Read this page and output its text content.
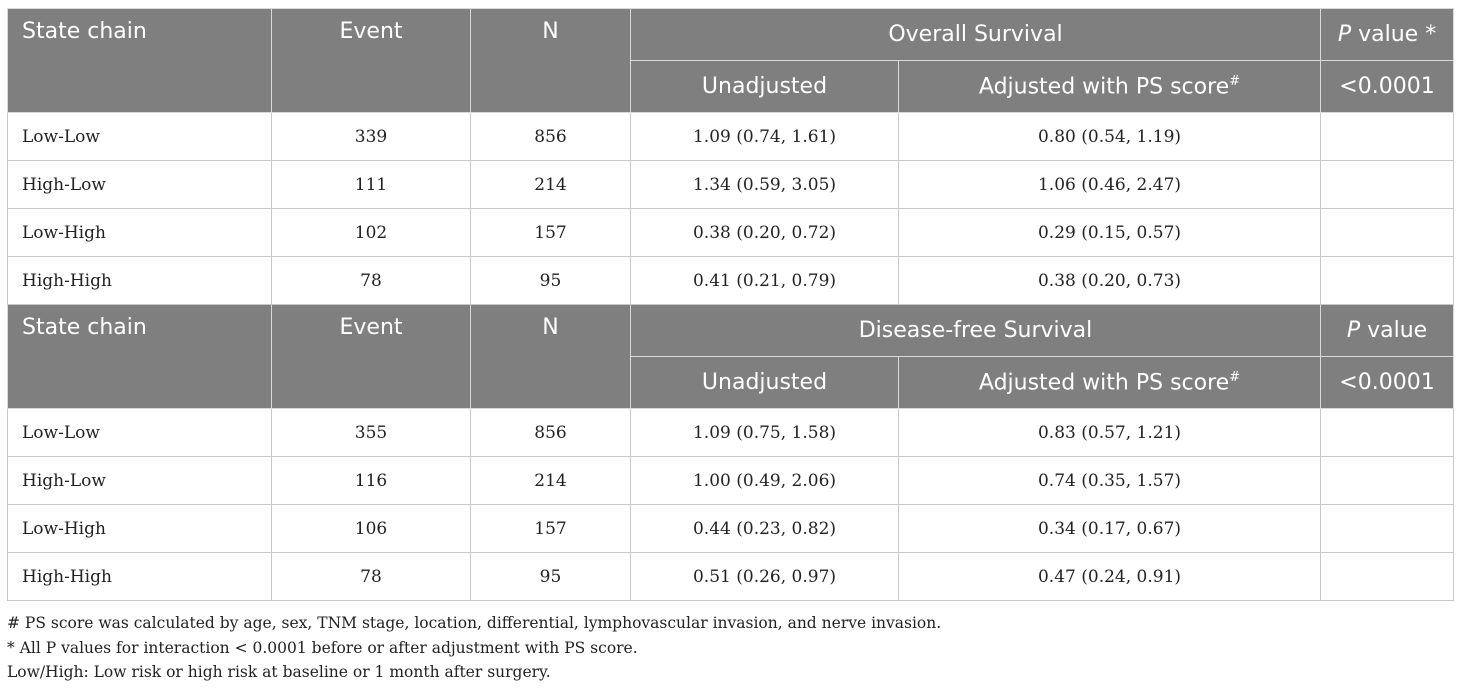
State chain	Event	N	Overall Survival		P value *
			Unadjusted	Adjusted with PS score#	<0.0001
Low-Low	339	856	1.09 (0.74, 1.61)	0.80 (0.54, 1.19)	
High-Low	111	214	1.34 (0.59, 3.05)	1.06 (0.46, 2.47)	
Low-High	102	157	0.38 (0.20, 0.72)	0.29 (0.15, 0.57)	
High-High	78	95	0.41 (0.21, 0.79)	0.38 (0.20, 0.73)	
State chain	Event	N	Disease-free Survival		P value
			Unadjusted	Adjusted with PS score#	<0.0001
Low-Low	355	856	1.09 (0.75, 1.58)	0.83 (0.57, 1.21)	
High-Low	116	214	1.00 (0.49, 2.06)	0.74 (0.35, 1.57)	
Low-High	106	157	0.44 (0.23, 0.82)	0.34 (0.17, 0.67)	
High-High	78	95	0.51 (0.26, 0.97)	0.47 (0.24, 0.91)	
# PS score was calculated by age, sex, TNM stage, location, differential, lymphovascular invasion, and nerve invasion.
* All P values for interaction < 0.0001 before or after adjustment with PS score.
Low/High: Low risk or high risk at baseline or 1 month after surgery.
